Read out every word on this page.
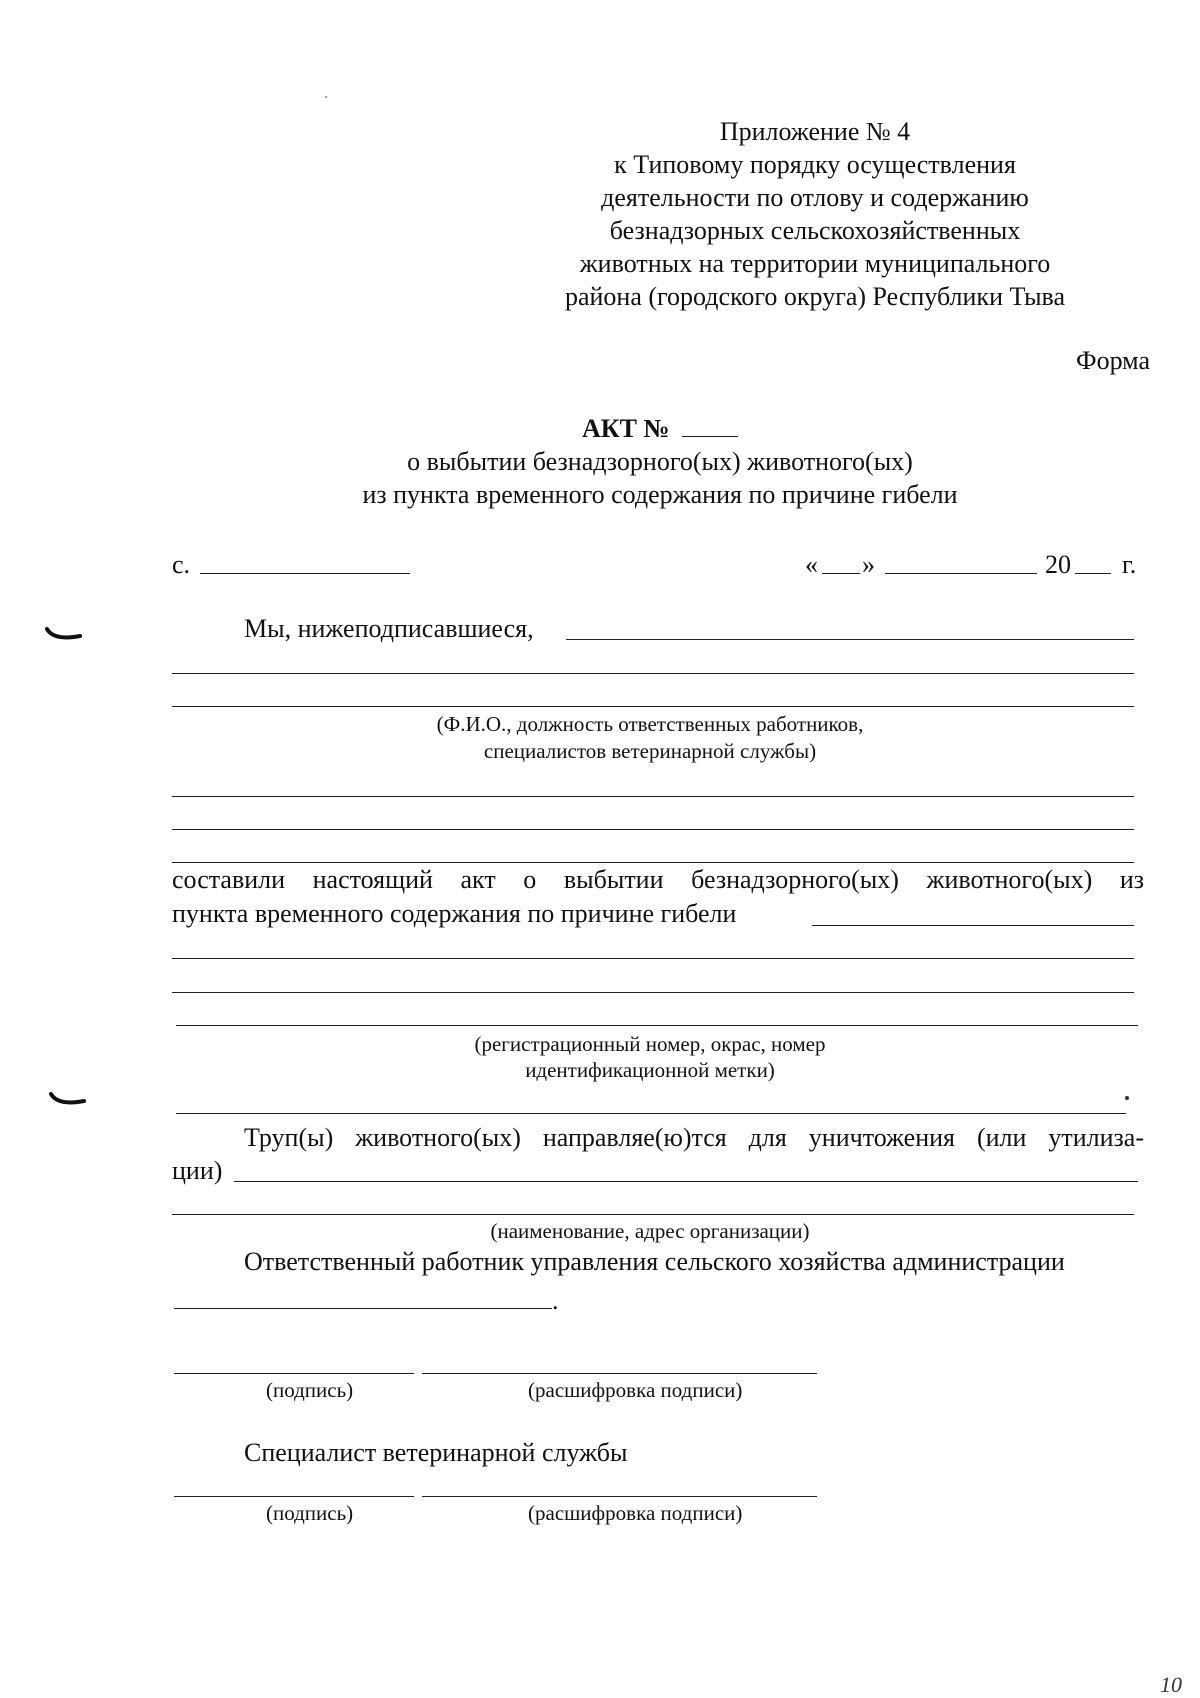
Приложение № 4
к Типовому порядку осуществления
деятельности по отлову и содержанию
безнадзорных сельскохозяйственных
животных на территории муниципального
района (городского округа) Республики Тыва
Форма
АКТ №
о выбытии безнадзорного(ых) животного(ых)
из пункта временного содержания по причине гибели
с.	« »	20 г.
Мы, нижеподписавшиеся,
(Ф.И.О., должность ответственных работников,
специалистов ветеринарной службы)
составили настоящий акт о выбытии безнадзорного(ых) животного(ых) из
пункта временного содержания по причине гибели
(регистрационный номер, окрас, номер
идентификационной метки)
Труп(ы) животного(ых) направляе(ю)тся для уничтожения (или утилиза-
ции)
(наименование, адрес организации)
Ответственный работник управления сельского хозяйства администрации
.
(подпись)	(расшифровка подписи)
Специалист ветеринарной службы
(подпись)	(расшифровка подписи)
10
